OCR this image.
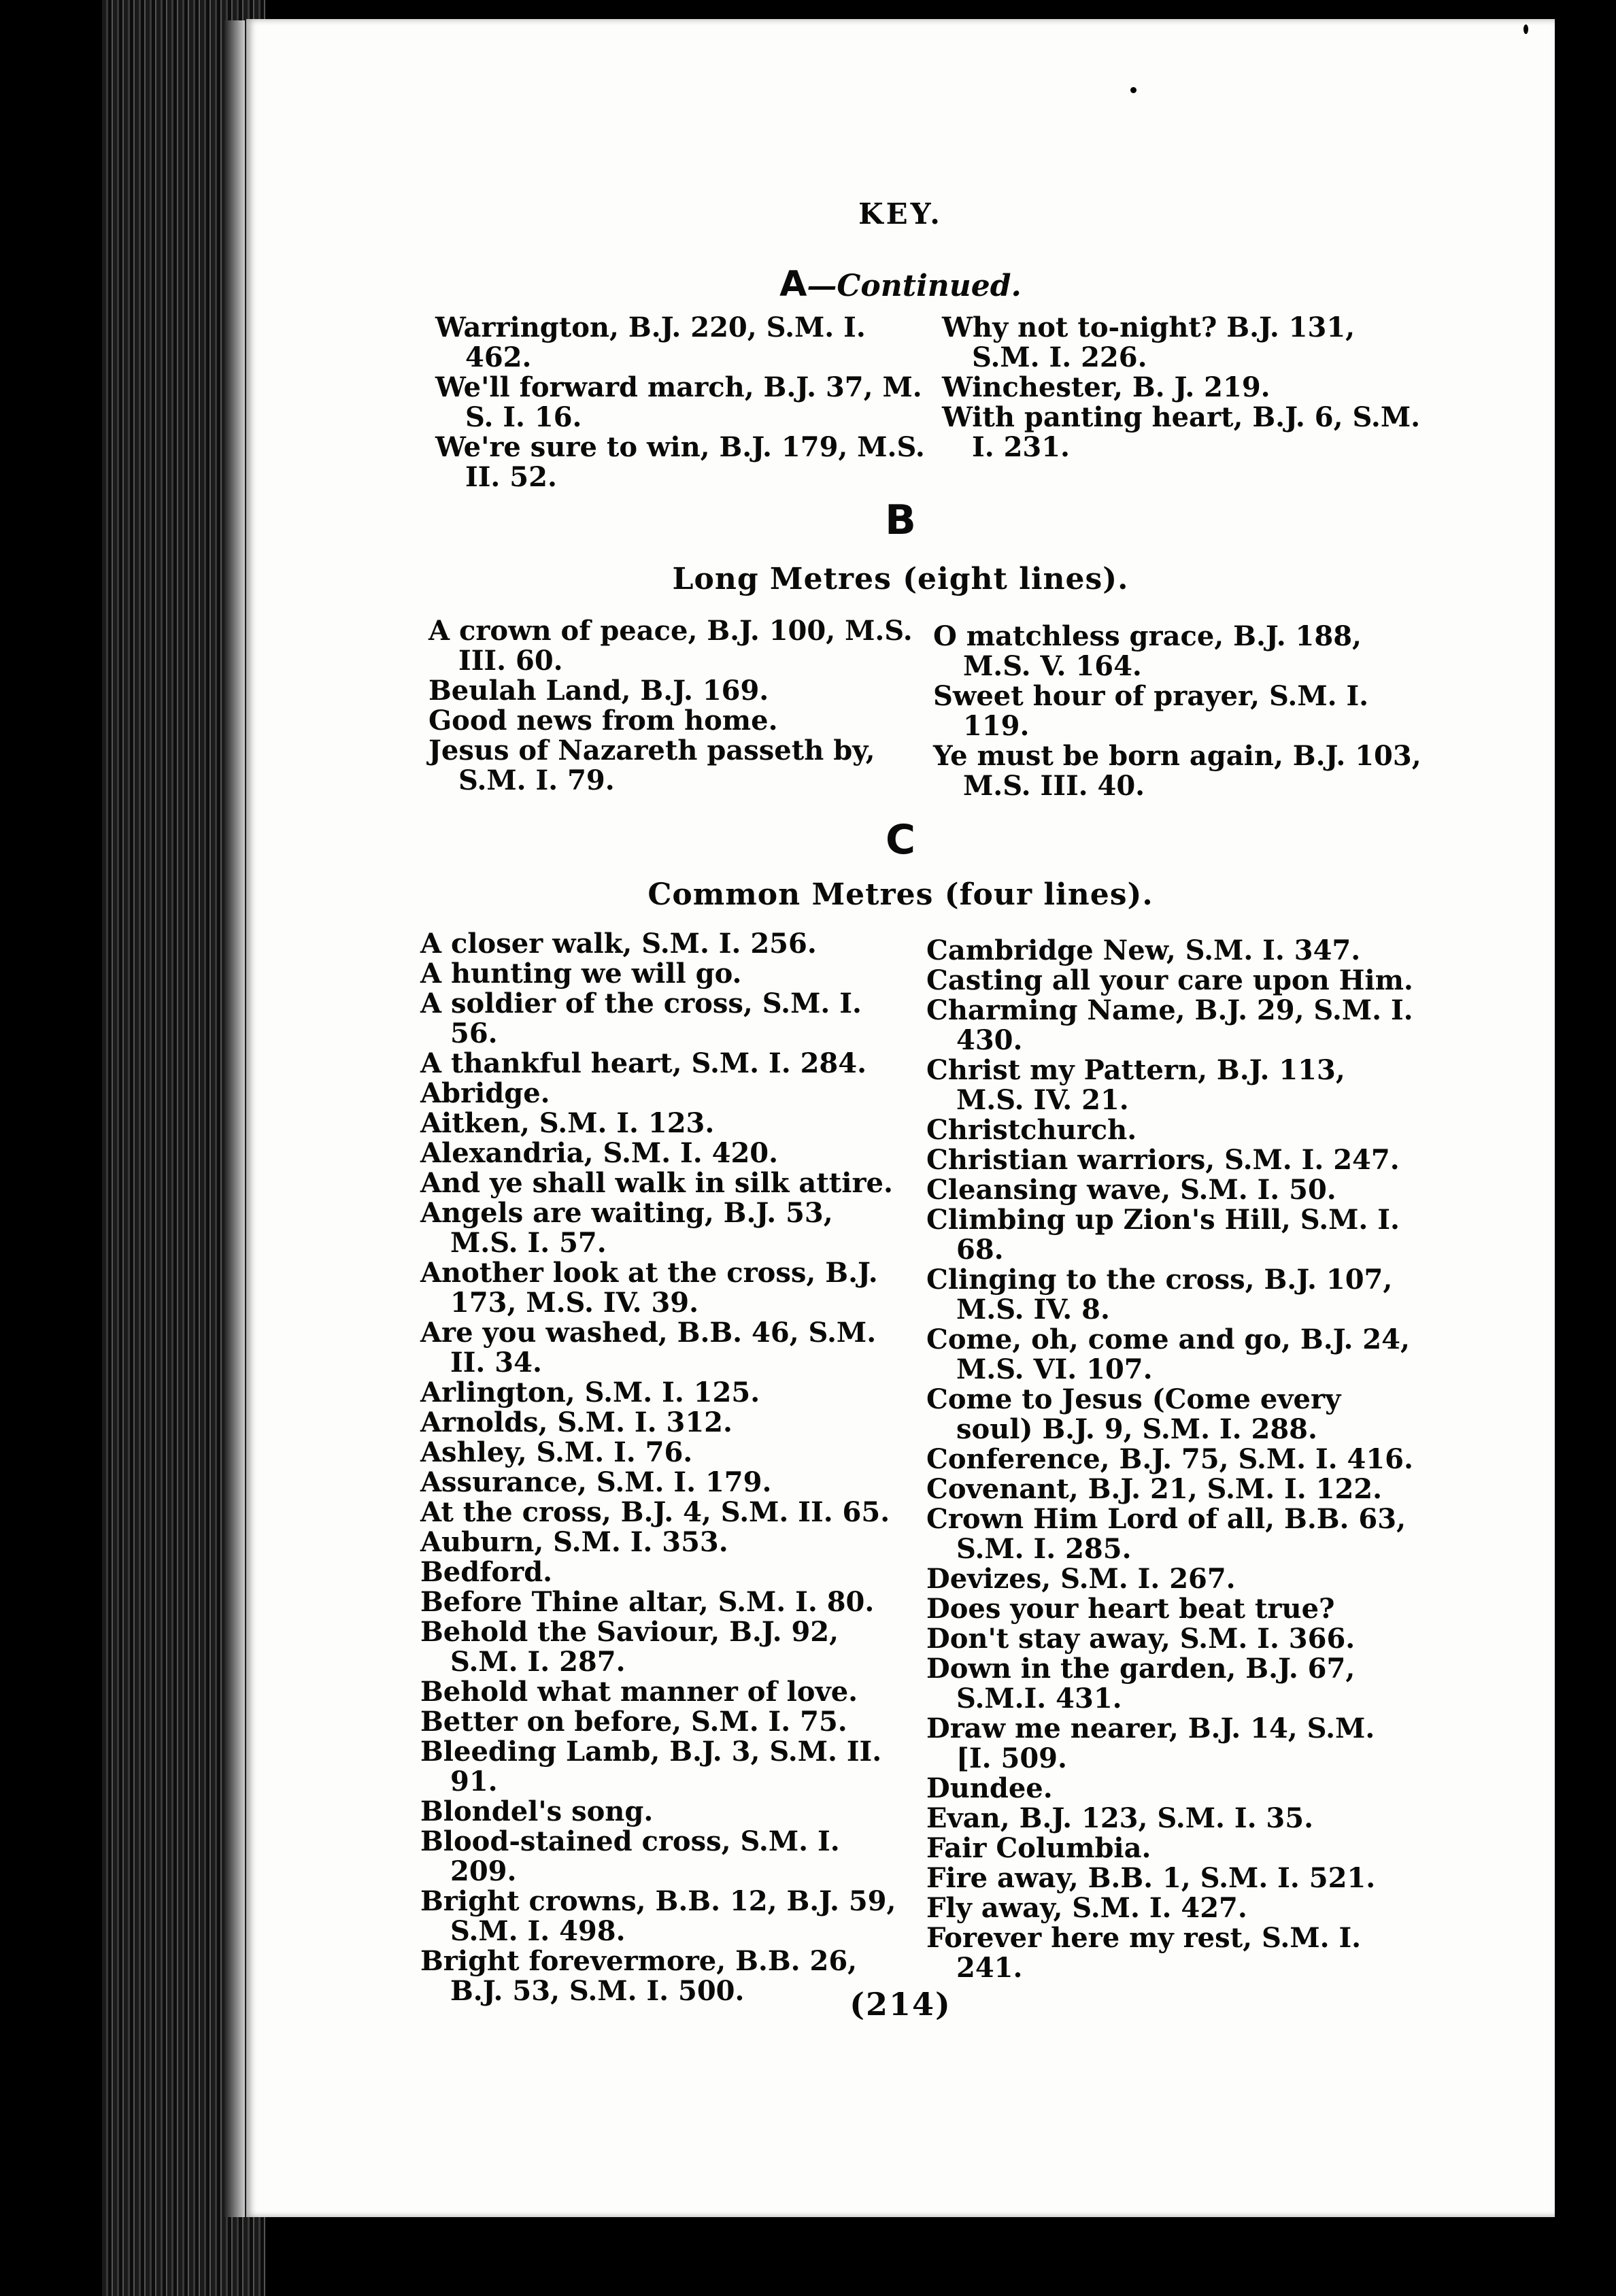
KEY.
A—Continued.

Warrington, B.J. 220, S.M. I. 462.

We'll forward march, B.J. 37, M. S. I. 16.

We're sure to win, B.J. 179, M.S. II. 52.

Why not to-night? B.J. 131, S.M. I. 226.

Winchester, B. J. 219.

With panting heart, B.J. 6, S.M. I. 231.

B
Long Metres (eight lines).

A crown of peace, B.J. 100, M.S. III. 60.

Beulah Land, B.J. 169.

Good news from home.

Jesus of Nazareth passeth by, S.M. I. 79.

O matchless grace, B.J. 188, M.S. V. 164.

Sweet hour of prayer, S.M. I. 119.

Ye must be born again, B.J. 103, M.S. III. 40.

C
Common Metres (four lines).

A closer walk, S.M. I. 256.

A hunting we will go.

A soldier of the cross, S.M. I. 56.

A thankful heart, S.M. I. 284.

Abridge.

Aitken, S.M. I. 123.

Alexandria, S.M. I. 420.

And ye shall walk in silk attire.

Angels are waiting, B.J. 53, M.S. I. 57.

Another look at the cross, B.J. 173, M.S. IV. 39.

Are you washed, B.B. 46, S.M. II. 34.

Arlington, S.M. I. 125.

Arnolds, S.M. I. 312.

Ashley, S.M. I. 76.

Assurance, S.M. I. 179.

At the cross, B.J. 4, S.M. II. 65.

Auburn, S.M. I. 353.

Bedford.

Before Thine altar, S.M. I. 80.

Behold the Saviour, B.J. 92, S.M. I. 287.

Behold what manner of love.

Better on before, S.M. I. 75.

Bleeding Lamb, B.J. 3, S.M. II. 91.

Blondel's song.

Blood-stained cross, S.M. I. 209.

Bright crowns, B.B. 12, B.J. 59, S.M. I. 498.

Bright forevermore, B.B. 26, B.J. 53, S.M. I. 500.

Cambridge New, S.M. I. 347.

Casting all your care upon Him.

Charming Name, B.J. 29, S.M. I. 430.

Christ my Pattern, B.J. 113, M.S. IV. 21.

Christchurch.

Christian warriors, S.M. I. 247.

Cleansing wave, S.M. I. 50.

Climbing up Zion's Hill, S.M. I. 68.

Clinging to the cross, B.J. 107, M.S. IV. 8.

Come, oh, come and go, B.J. 24, M.S. VI. 107.

Come to Jesus (Come every soul) B.J. 9, S.M. I. 288.

Conference, B.J. 75, S.M. I. 416.

Covenant, B.J. 21, S.M. I. 122.

Crown Him Lord of all, B.B. 63, S.M. I. 285.

Devizes, S.M. I. 267.

Does your heart beat true?

Don't stay away, S.M. I. 366.

Down in the garden, B.J. 67, S.M.I. 431.

Draw me nearer, B.J. 14, S.M. [I. 509.

Dundee.

Evan, B.J. 123, S.M. I. 35.

Fair Columbia.

Fire away, B.B. 1, S.M. I. 521.

Fly away, S.M. I. 427.

Forever here my rest, S.M. I. 241.

(214)
